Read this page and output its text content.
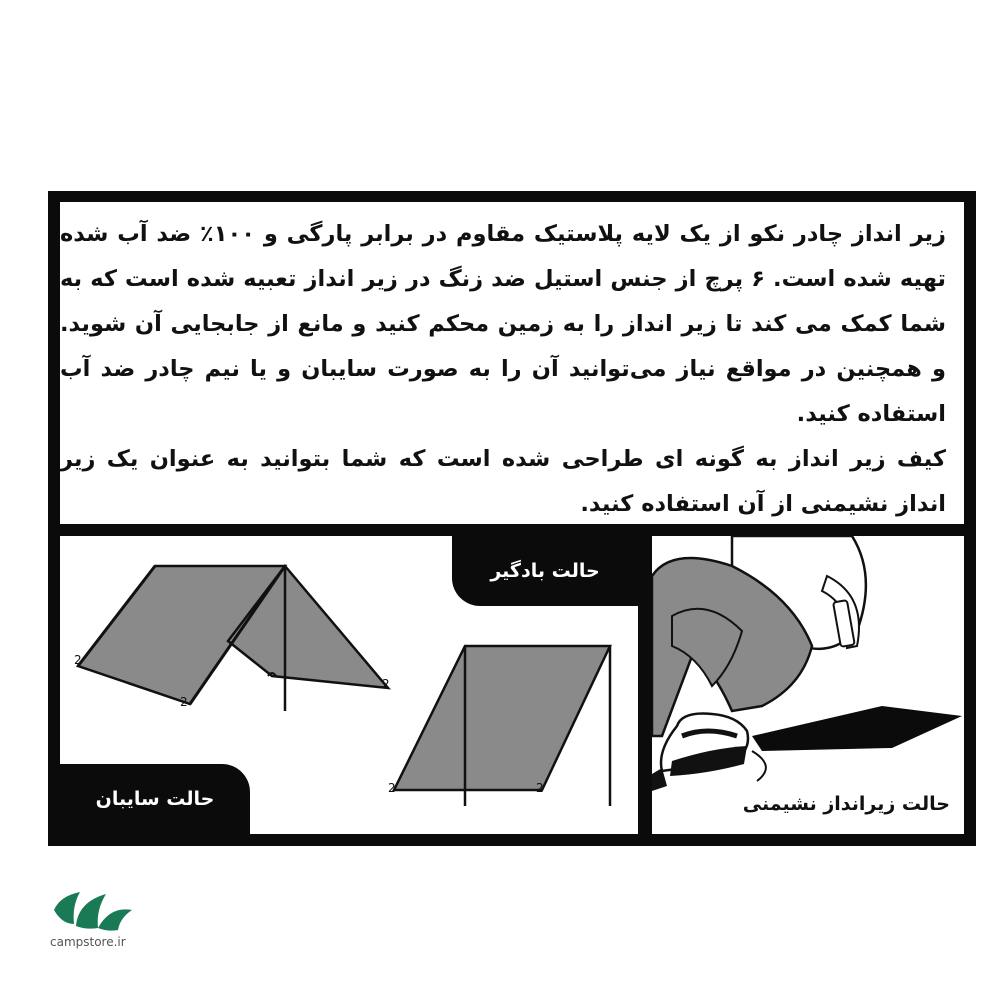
زیر انداز چادر نکو از یک لایه پلاستیک مقاوم در برابر پارگی و ۱۰۰٪ ضد آب شده تهیه شده است. ۶ پرچ از جنس استیل ضد زنگ در زیر انداز تعبیه شده است که به شما کمک می کند تا زیر انداز را به زمین محکم کنید و مانع از جابجایی آن شوید. و همچنین در مواقع نیاز می‌توانید آن را به صورت سایبان و یا نیم چادر ضد آب استفاده کنید.

کیف زیر انداز به گونه ای طراحی شده است که شما بتوانید به عنوان یک زیر انداز نشیمنی از آن استفاده کنید.

2
2
2
2	2
حالت بادگیر
حالت سایبان	حالت زیرانداز نشیمنی
campstore.ir
